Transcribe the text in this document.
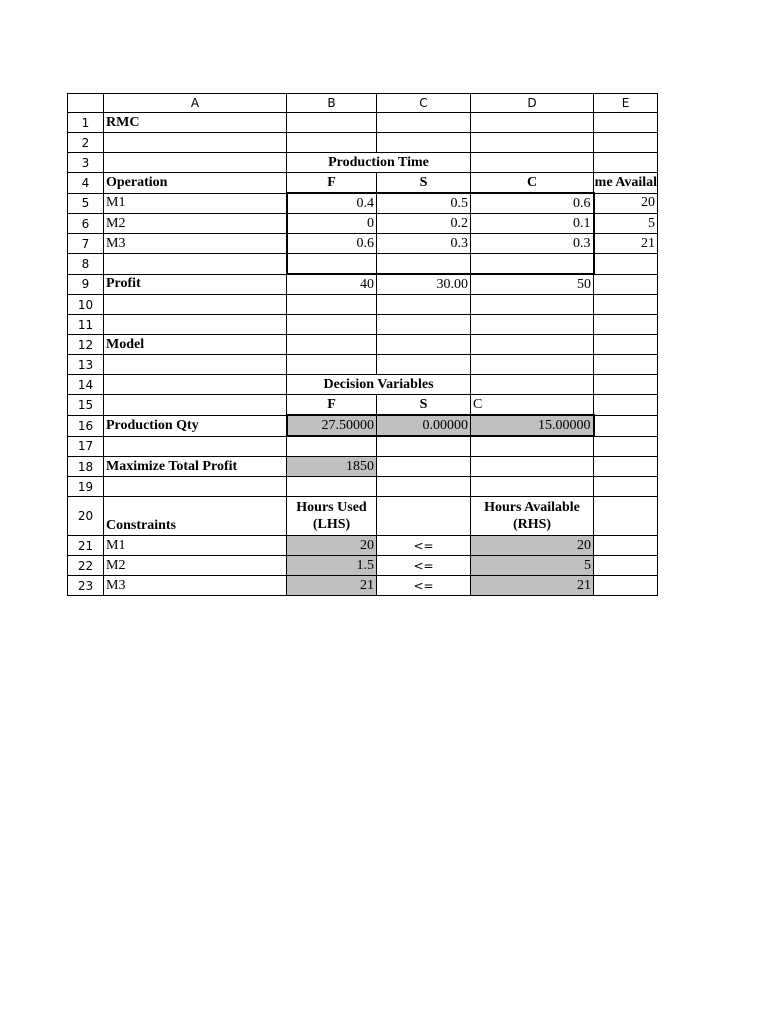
	A	B	C	D	E
1	RMC				
2					
3		Production Time			
4	Operation	F	S	C	me Availal
5	M1	0.4	0.5	0.6	20
6	M2	0	0.2	0.1	5
7	M3	0.6	0.3	0.3	21
8					
9	Profit	40	30.00	50	
10					
11					
12	Model				
13					
14		Decision Variables			
15		F	S	C	
16	Production Qty	27.50000	0.00000	15.00000	
17					
18	Maximize Total Profit	1850			
19					
20	Constraints	Hours Used (LHS)		Hours Available (RHS)	
21	M1	20	<=	20	
22	M2	1.5	<=	5	
23	M3	21	<=	21	
